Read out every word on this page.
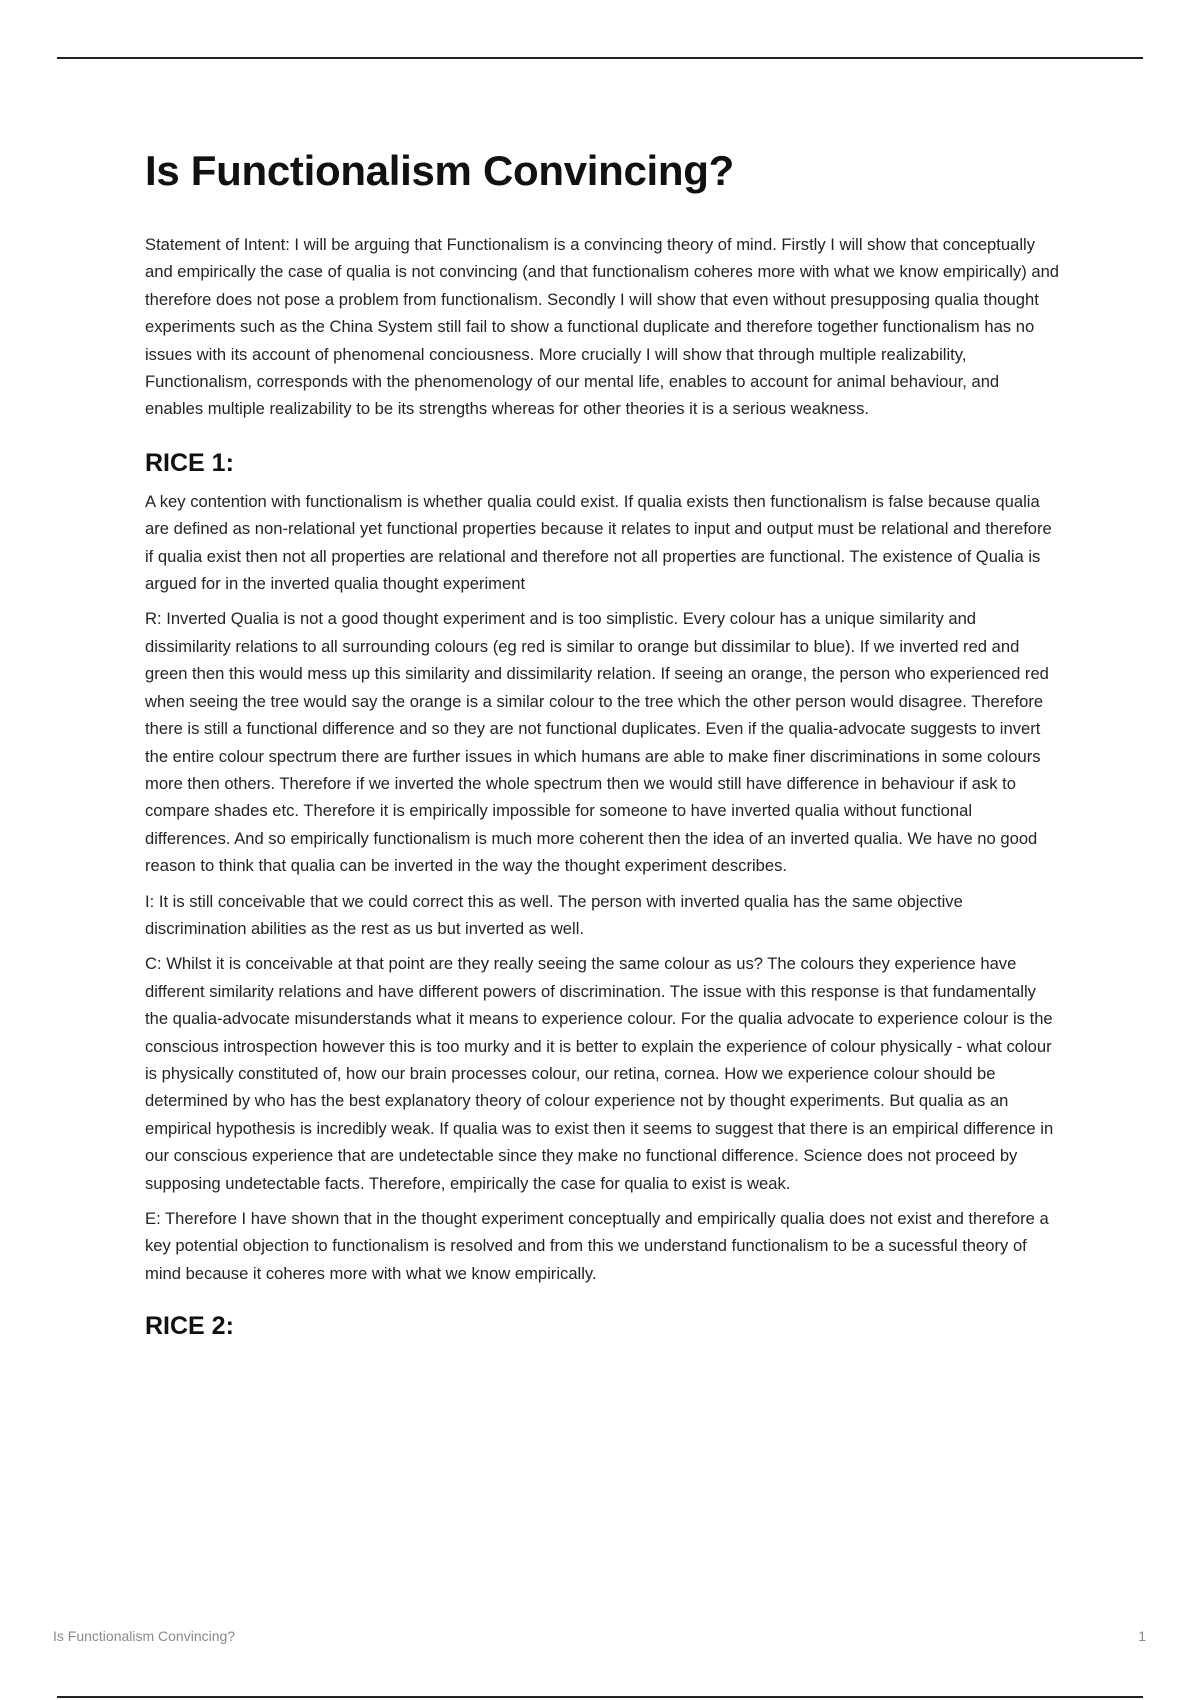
Is Functionalism Convincing?

Statement of Intent: I will be arguing that Functionalism is a convincing theory of mind. Firstly I will show that conceptually and empirically the case of qualia is not convincing (and that functionalism coheres more with what we know empirically) and therefore does not pose a problem from functionalism. Secondly I will show that even without presupposing qualia thought experiments such as the China System still fail to show a functional duplicate and therefore together functionalism has no issues with its account of phenomenal conciousness. More crucially I will show that through multiple realizability, Functionalism, corresponds with the phenomenology of our mental life, enables to account for animal behaviour, and enables multiple realizability to be its strengths whereas for other theories it is a serious weakness.

RICE 1:

A key contention with functionalism is whether qualia could exist. If qualia exists then functionalism is false because qualia are defined as non-relational yet functional properties because it relates to input and output must be relational and therefore if qualia exist then not all properties are relational and therefore not all properties are functional. The existence of Qualia is argued for in the inverted qualia thought experiment

R: Inverted Qualia is not a good thought experiment and is too simplistic. Every colour has a unique similarity and dissimilarity relations to all surrounding colours (eg red is similar to orange but dissimilar to blue). If we inverted red and green then this would mess up this similarity and dissimilarity relation. If seeing an orange, the person who experienced red when seeing the tree would say the orange is a similar colour to the tree which the other person would disagree. Therefore there is still a functional difference and so they are not functional duplicates. Even if the qualia-advocate suggests to invert the entire colour spectrum there are further issues in which humans are able to make finer discriminations in some colours more then others. Therefore if we inverted the whole spectrum then we would still have difference in behaviour if ask to compare shades etc. Therefore it is empirically impossible for someone to have inverted qualia without functional differences. And so empirically functionalism is much more coherent then the idea of an inverted qualia. We have no good reason to think that qualia can be inverted in the way the thought experiment describes.

I: It is still conceivable that we could correct this as well. The person with inverted qualia has the same objective discrimination abilities as the rest as us but inverted as well.

C: Whilst it is conceivable at that point are they really seeing the same colour as us? The colours they experience have different similarity relations and have different powers of discrimination. The issue with this response is that fundamentally the qualia-advocate misunderstands what it means to experience colour. For the qualia advocate to experience colour is the conscious introspection however this is too murky and it is better to explain the experience of colour physically - what colour is physically constituted of, how our brain processes colour, our retina, cornea. How we experience colour should be determined by who has the best explanatory theory of colour experience not by thought experiments. But qualia as an empirical hypothesis is incredibly weak. If qualia was to exist then it seems to suggest that there is an empirical difference in our conscious experience that are undetectable since they make no functional difference. Science does not proceed by supposing undetectable facts. Therefore, empirically the case for qualia to exist is weak.

E: Therefore I have shown that in the thought experiment conceptually and empirically qualia does not exist and therefore a key potential objection to functionalism is resolved and from this we understand functionalism to be a sucessful theory of mind because it coheres more with what we know empirically.

RICE 2:
Is Functionalism Convincing?	1
